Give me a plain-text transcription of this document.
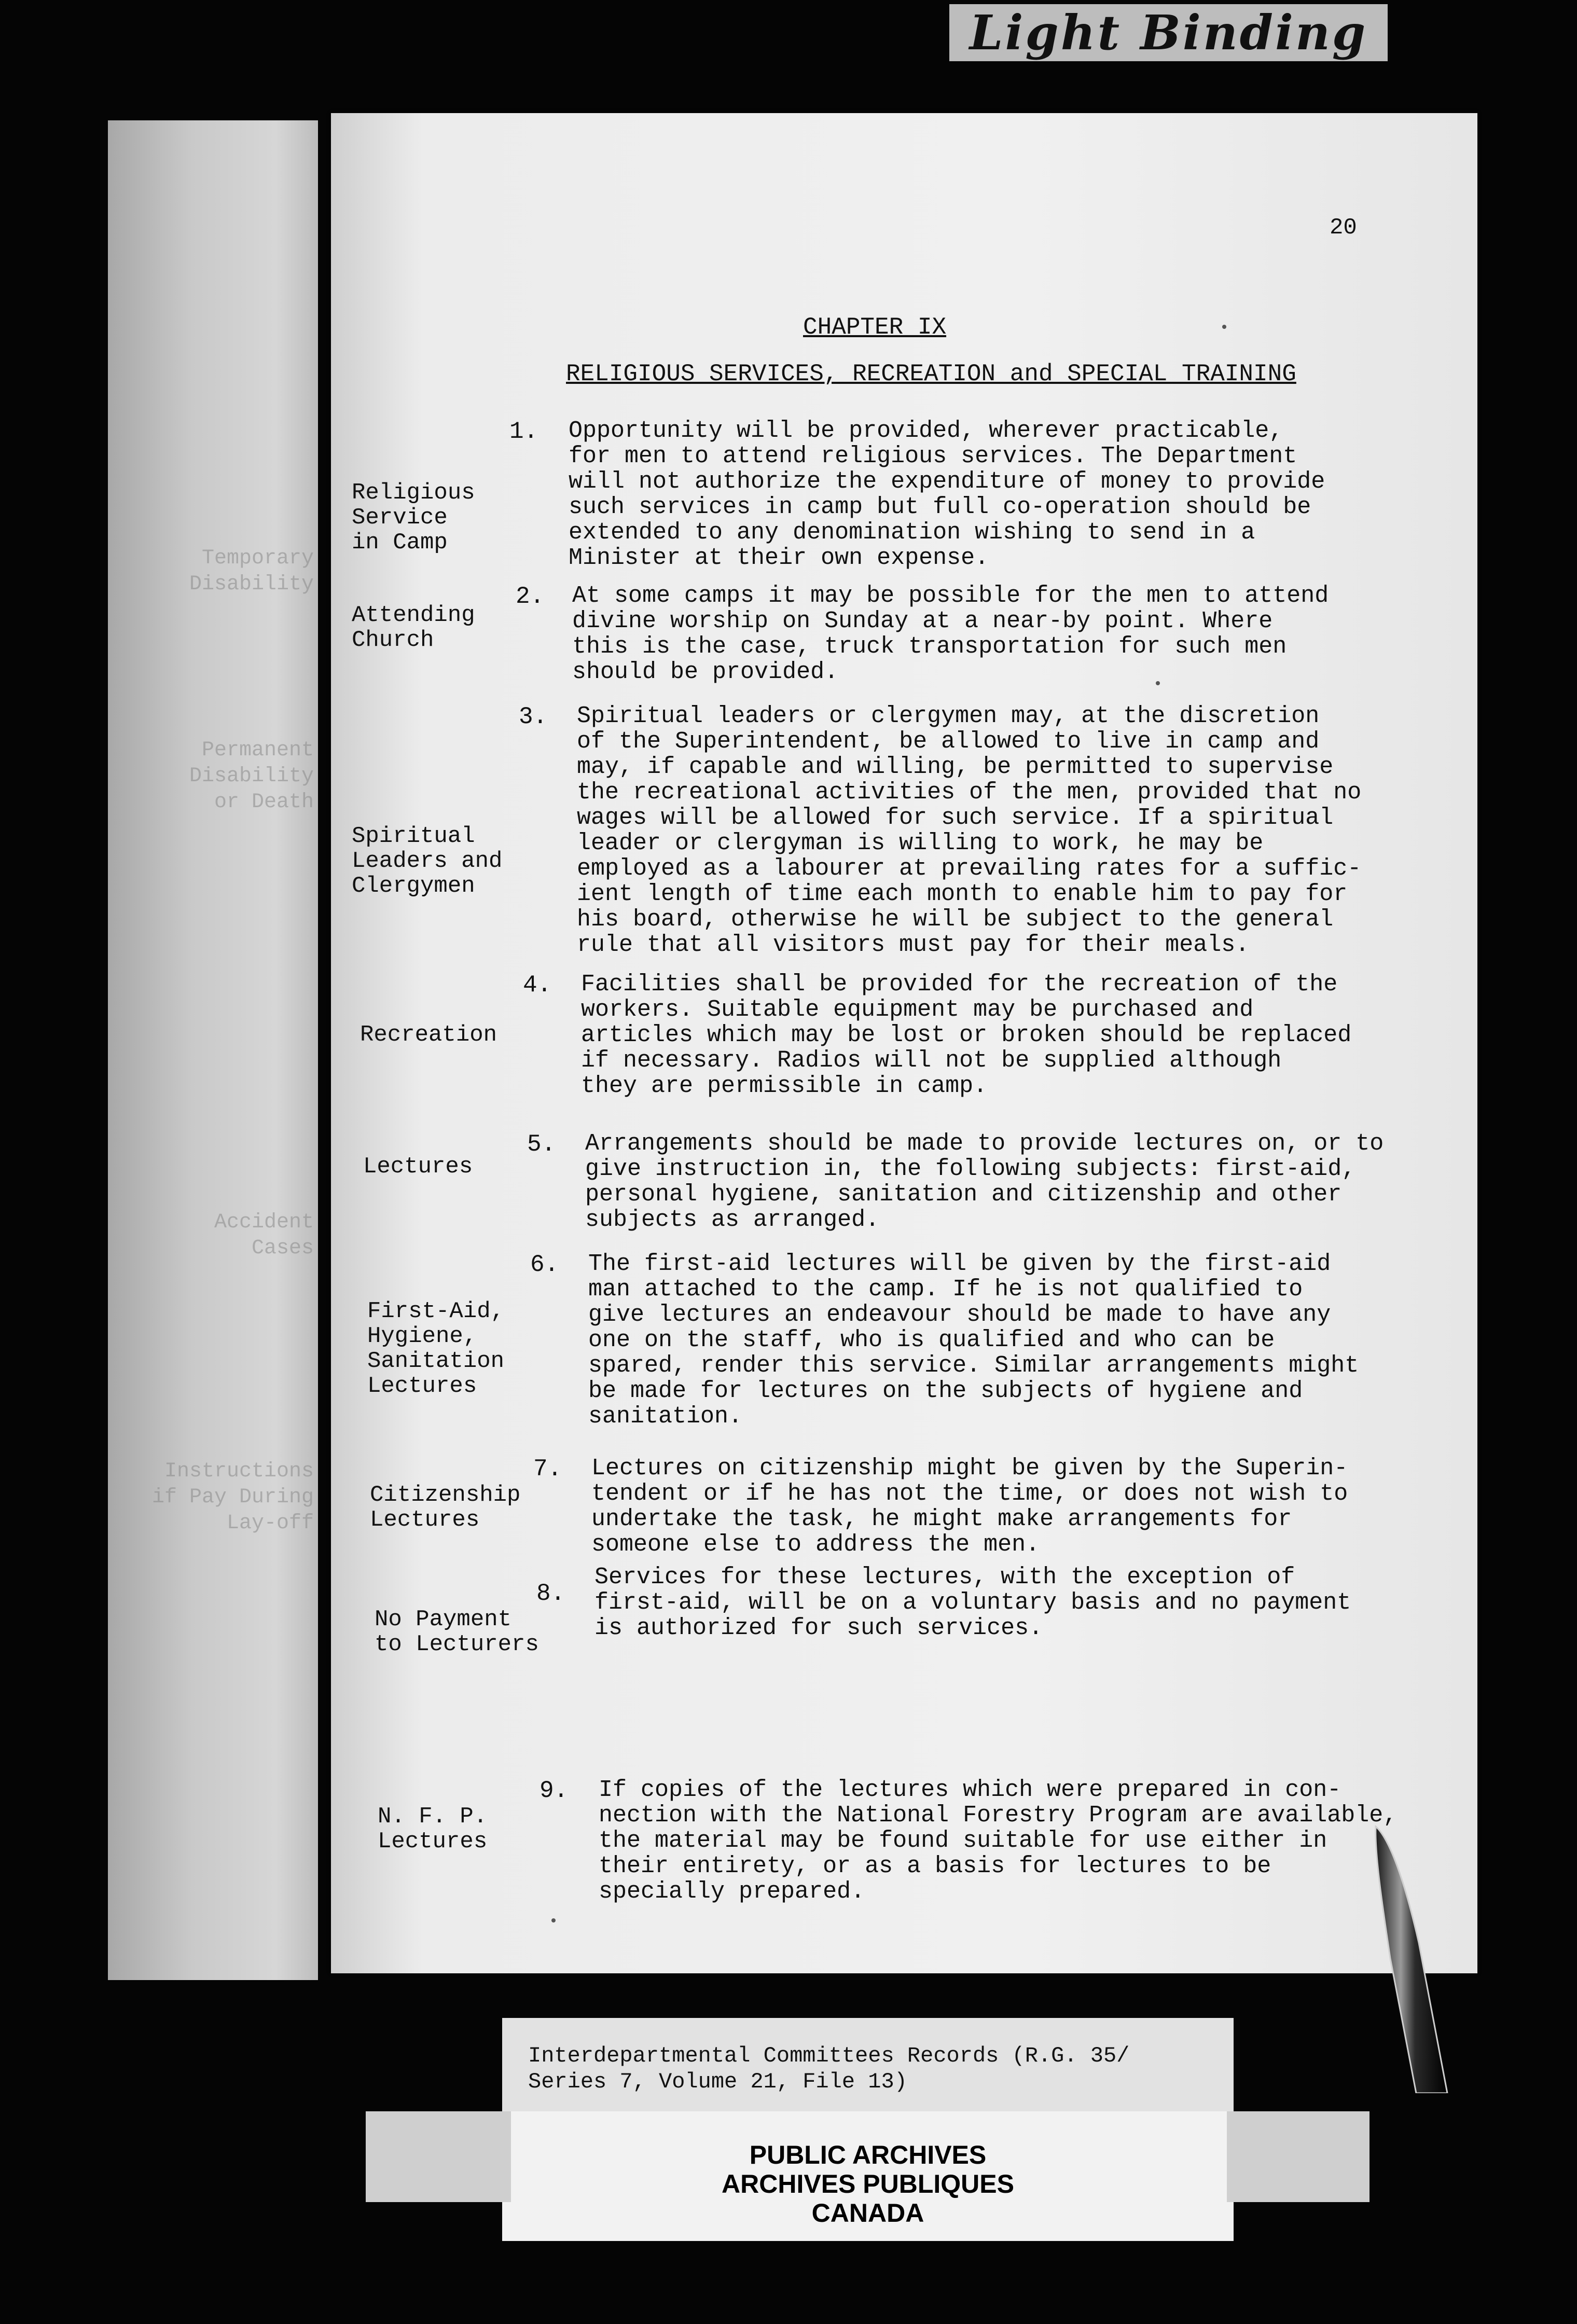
Light Binding
Temporary
Disability
Permanent
Disability
or Death
Accident
Cases
Instructions
if Pay During
Lay-off
20
CHAPTER IX
RELIGIOUS SERVICES, RECREATION and SPECIAL TRAINING
1.
Religious
Service
in Camp
Opportunity will be provided, wherever practicable,
for men to attend religious services. The Department
will not authorize the expenditure of money to provide
such services in camp but full co-operation should be
extended to any denomination wishing to send in a
Minister at their own expense.
2.
Attending
Church
At some camps it may be possible for the men to attend
divine worship on Sunday at a near-by point. Where
this is the case, truck transportation for such men
should be provided.
3.
Spiritual
Leaders and
Clergymen
Spiritual leaders or clergymen may, at the discretion
of the Superintendent, be allowed to live in camp and
may, if capable and willing, be permitted to supervise
the recreational activities of the men, provided that no
wages will be allowed for such service. If a spiritual
leader or clergyman is willing to work, he may be
employed as a labourer at prevailing rates for a suffic-
ient length of time each month to enable him to pay for
his board, otherwise he will be subject to the general
rule that all visitors must pay for their meals.
4.
Recreation
Facilities shall be provided for the recreation of the
workers. Suitable equipment may be purchased and
articles which may be lost or broken should be replaced
if necessary. Radios will not be supplied although
they are permissible in camp.
5.
Lectures
Arrangements should be made to provide lectures on, or to
give instruction in, the following subjects: first-aid,
personal hygiene, sanitation and citizenship and other
subjects as arranged.
6.
First-Aid,
Hygiene,
Sanitation
Lectures
The first-aid lectures will be given by the first-aid
man attached to the camp. If he is not qualified to
give lectures an endeavour should be made to have any
one on the staff, who is qualified and who can be
spared, render this service. Similar arrangements might
be made for lectures on the subjects of hygiene and
sanitation.
7.
Citizenship
Lectures
Lectures on citizenship might be given by the Superin-
tendent or if he has not the time, or does not wish to
undertake the task, he might make arrangements for
someone else to address the men.
8.
No Payment
to Lecturers
Services for these lectures, with the exception of
first-aid, will be on a voluntary basis and no payment
is authorized for such services.
9.
N. F. P.
Lectures
If copies of the lectures which were prepared in con-
nection with the National Forestry Program are available,
the material may be found suitable for use either in
their entirety, or as a basis for lectures to be
specially prepared.
Interdepartmental Committees Records (R.G. 35/
Series 7, Volume 21, File 13)
PUBLIC ARCHIVES
ARCHIVES PUBLIQUES
CANADA
